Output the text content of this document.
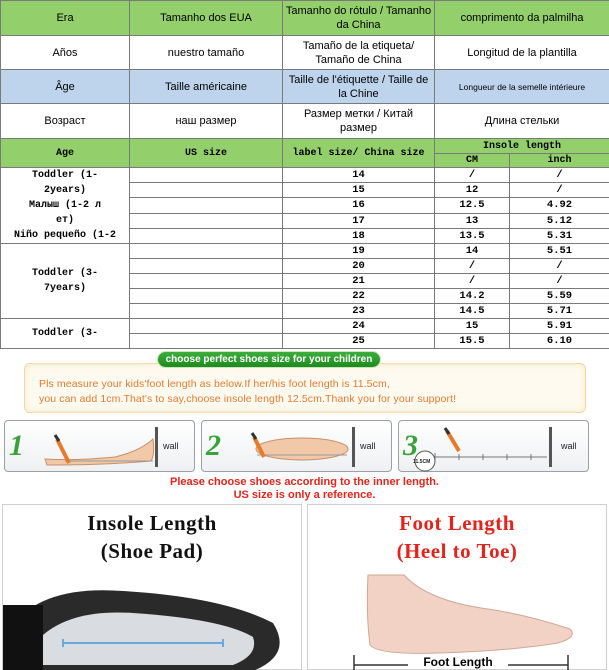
Era	Tamanho dos EUA	Tamanho do rótulo / Tamanho da China	comprimento da palmilha	
Años	nuestro tamaño	Tamaño de la etiqueta/ Tamaño de China	Longitud de la plantilla	
Âge	Taille américaine	Taille de l'étiquette / Taille de la Chine	Longueur de la semelle intérieure	
Возраст	наш размер	Размер метки / Китай размер	Длина стельки	
Age	US size	label size/ China size	Insole length	
			CM	inch
Toddler (1-
2years)
Малыш (1-2 л
ет)
Niño pequeño (1-2		14	/	/
		15	12	/
		16	12.5	4.92
		17	13	5.12
		18	13.5	5.31
Toddler (3-
7years)		19	14	5.51
		20	/	/
		21	/	/
		22	14.2	5.59
		23	14.5	5.71
Toddler (3-		24	15	5.91
		25	15.5	6.10
Pls measure your kids'foot length as below.If her/his foot length is 11.5cm,
you can add 1cm.That's to say,choose insole length 12.5cm.Thank you for your support!
choose perfect shoes size for your children
1	wall 2	wall 3
11.5CM
wall
Please choose shoes according to the inner length.
US size is only a reference.
Insole Length
(Shoe Pad)
Foot Length
(Heel to Toe)
Foot Length
